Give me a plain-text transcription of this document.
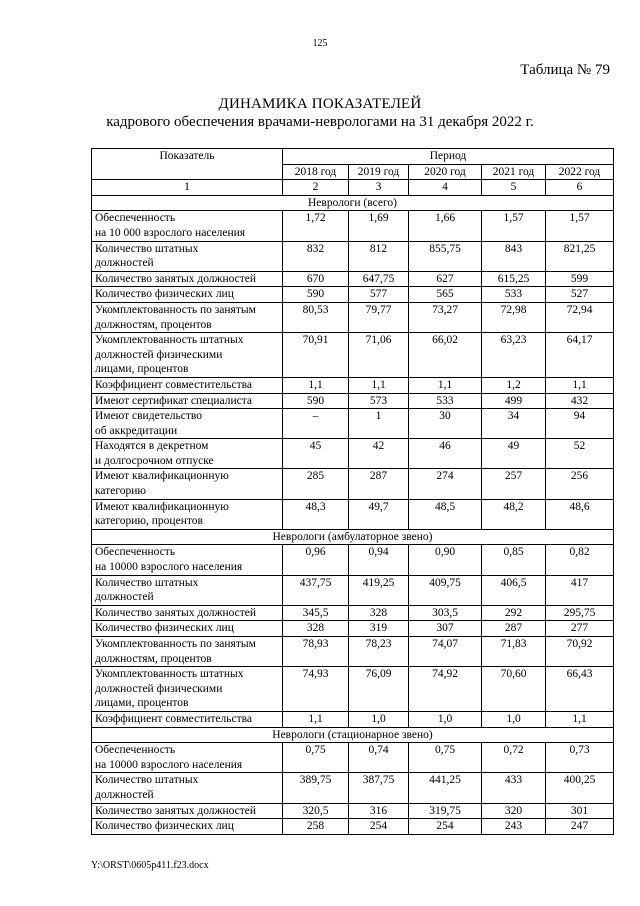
125
Таблица № 79
ДИНАМИКА ПОКАЗАТЕЛЕЙ
кадрового обеспечения врачами-неврологами на 31 декабря 2022 г.
Показатель	Период				
	2018 год	2019 год	2020 год	2021 год	2022 год
1	2	3	4	5	6
Неврологи (всего)					

Обеспеченность
на 10 000 взрослого населения	1,72	1,69	1,66	1,57	1,57

Количество штатных
должностей	832	812	855,75	843	821,25

Количество занятых должностей	670	647,75	627	615,25	599

Количество физических лиц	590	577	565	533	527

Укомплектованность по занятым
должностям, процентов	80,53	79,77	73,27	72,98	72,94

Укомплектованность штатных
должностей физическими
лицами, процентов	70,91	71,06	66,02	63,23	64,17

Коэффициент совместительства	1,1	1,1	1,1	1,2	1,1

Имеют сертификат специалиста	590	573	533	499	432

Имеют свидетельство
об аккредитации	–	1	30	34	94

Находятся в декретном
и долгосрочном отпуске	45	42	46	49	52

Имеют квалификационную
категорию	285	287	274	257	256

Имеют квалификационную
категорию, процентов	48,3	49,7	48,5	48,2	48,6
Неврологи (амбулаторное звено)					

Обеспеченность
на 10000 взрослого населения	0,96	0,94	0,90	0,85	0,82

Количество штатных
должностей	437,75	419,25	409,75	406,5	417

Количество занятых должностей	345,5	328	303,5	292	295,75

Количество физических лиц	328	319	307	287	277

Укомплектованность по занятым
должностям, процентов	78,93	78,23	74,07	71,83	70,92

Укомплектованность штатных
должностей физическими
лицами, процентов	74,93	76,09	74,92	70,60	66,43

Коэффициент совместительства	1,1	1,0	1,0	1,0	1,1
Неврологи (стационарное звено)					

Обеспеченность
на 10000 взрослого населения	0,75	0,74	0,75	0,72	0,73

Количество штатных
должностей	389,75	387,75	441,25	433	400,25

Количество занятых должностей	320,5	316	319,75	320	301

Количество физических лиц	258	254	254	243	247
Y:\ORST\0605p411.f23.docx
